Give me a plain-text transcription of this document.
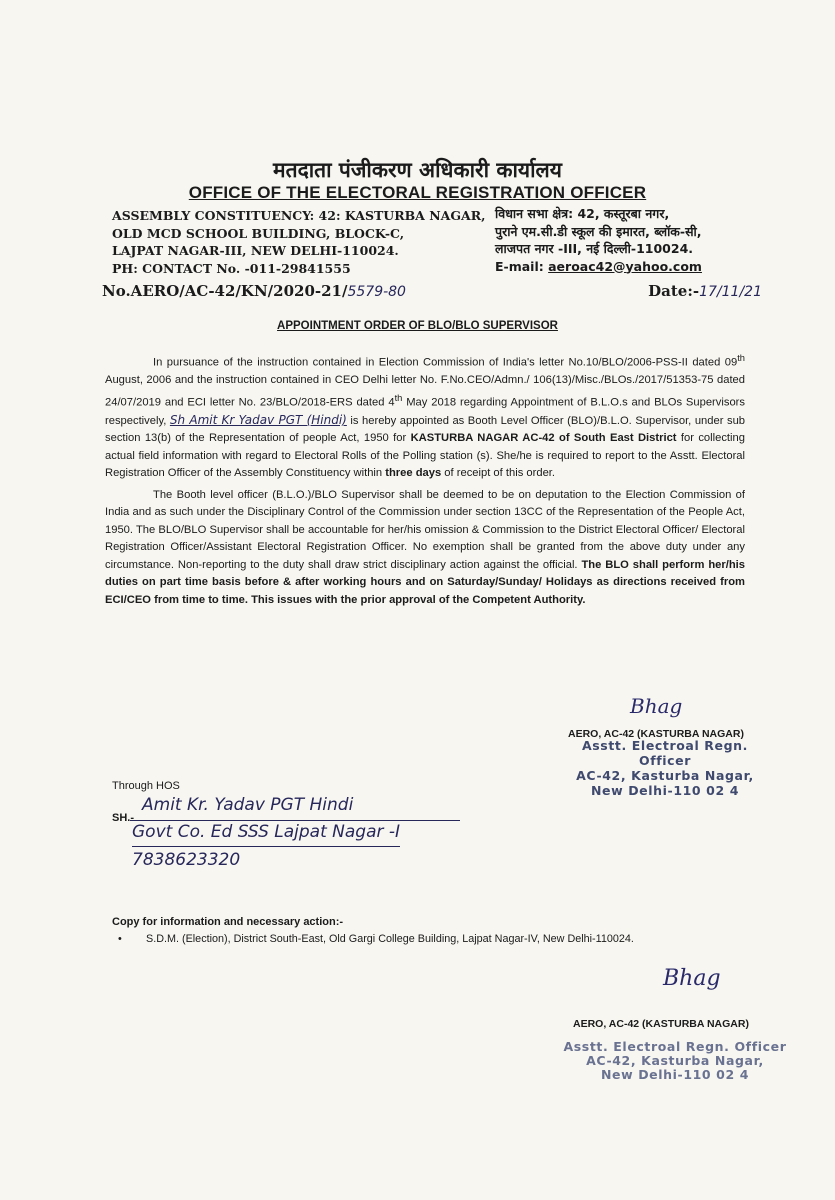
मतदाता पंजीकरण अधिकारी कार्यालय
OFFICE OF THE ELECTORAL REGISTRATION OFFICER
ASSEMBLY CONSTITUENCY: 42: KASTURBA NAGAR,
OLD MCD SCHOOL BUILDING, BLOCK-C,
LAJPAT NAGAR-III, NEW DELHI-110024.
PH: CONTACT No. -011-29841555
विधान सभा क्षेत्र: 42, कस्तूरबा नगर,
पुराने एम.सी.डी स्कूल की इमारत, ब्लॉक-सी,
लाजपत नगर -III, नई दिल्ली-110024.
E-mail: aeroac42@yahoo.com
No.AERO/AC-42/KN/2020-21/5579-80	Date:-17/11/21
APPOINTMENT ORDER OF BLO/BLO SUPERVISOR

In pursuance of the instruction contained in Election Commission of India's letter No.10/BLO/2006-PSS-II dated 09th August, 2006 and the instruction contained in CEO Delhi letter No. F.No.CEO/Admn./ 106(13)/Misc./BLOs./2017/51353-75 dated 24/07/2019 and ECI letter No. 23/BLO/2018-ERS dated 4th May 2018 regarding Appointment of B.L.O.s and BLOs Supervisors respectively, Sh Amit Kr Yadav PGT (Hindi) is hereby appointed as Booth Level Officer (BLO)/B.L.O. Supervisor, under sub section 13(b) of the Representation of people Act, 1950 for KASTURBA NAGAR AC-42 of South East District for collecting actual field information with regard to Electoral Rolls of the Polling station (s). She/he is required to report to the Asstt. Electoral Registration Officer of the Assembly Constituency within three days of receipt of this order.

The Booth level officer (B.L.O.)/BLO Supervisor shall be deemed to be on deputation to the Election Commission of India and as such under the Disciplinary Control of the Commission under section 13CC of the Representation of the People Act, 1950. The BLO/BLO Supervisor shall be accountable for her/his omission & Commission to the District Electoral Officer/ Electoral Registration Officer/Assistant Electoral Registration Officer. No exemption shall be granted from the above duty under any circumstance. Non-reporting to the duty shall draw strict disciplinary action against the official. The BLO shall perform her/his duties on part time basis before & after working hours and on Saturday/Sunday/ Holidays as directions received from ECI/CEO from time to time. This issues with the prior approval of the Competent Authority.

Bhag
AERO, AC-42 (KASTURBA NAGAR)
Asstt. Electroal Regn. Officer
AC-42, Kasturba Nagar,
New Delhi-110 02 4
Through HOS
SH.-
Amit Kr. Yadav PGT Hindi
Govt Co. Ed SSS Lajpat Nagar -I
7838623320
Copy for information and necessary action:-
• S.D.M. (Election), District South-East, Old Gargi College Building, Lajpat Nagar-IV, New Delhi-110024.
Bhag
AERO, AC-42 (KASTURBA NAGAR)
Asstt. Electroal Regn. Officer
AC-42, Kasturba Nagar,
New Delhi-110 02 4
